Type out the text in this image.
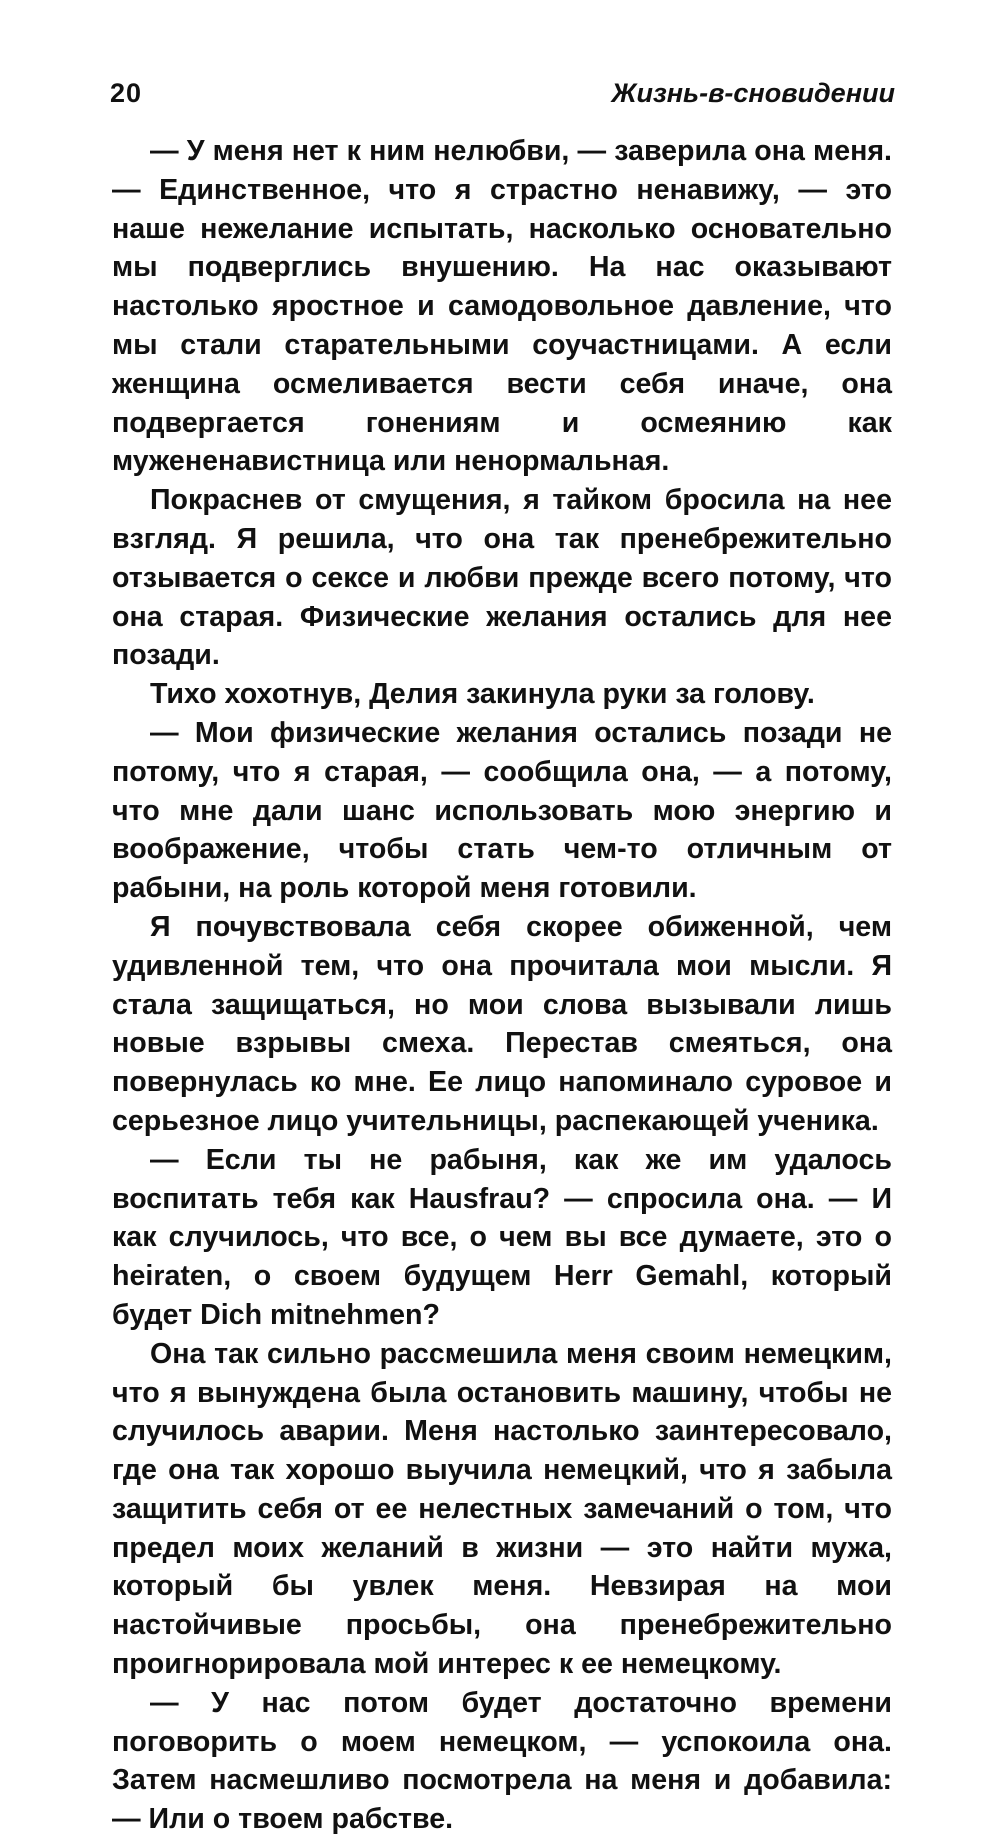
20	Жизнь-в-сновидении

— У меня нет к ним нелюбви, — заверила она меня. — Единственное, что я страстно ненавижу, — это наше нежелание испытать, насколько основательно мы подверглись внушению. На нас оказывают настолько яростное и самодовольное давление, что мы стали старательными соучастницами. А если женщина осмеливается вести себя иначе, она подвергается гонениям и осмеянию как мужененавистница или ненормальная.

Покраснев от смущения, я тайком бросила на нее взгляд. Я решила, что она так пренебрежительно отзывается о сексе и любви прежде всего потому, что она старая. Физические желания остались для нее позади.

Тихо хохотнув, Делия закинула руки за голову.

— Мои физические желания остались позади не потому, что я старая, — сообщила она, — а потому, что мне дали шанс использовать мою энергию и воображение, чтобы стать чем-то отличным от рабыни, на роль которой меня готовили.

Я почувствовала себя скорее обиженной, чем удивленной тем, что она прочитала мои мысли. Я стала защищаться, но мои слова вызывали лишь новые взрывы смеха. Перестав смеяться, она повернулась ко мне. Ее лицо напоминало суровое и серьезное лицо учительницы, распекающей ученика.

— Если ты не рабыня, как же им удалось воспитать тебя как Hausfrau? — спросила она. — И как случилось, что все, о чем вы все думаете, это о heiraten, о своем будущем Herr Gemahl, который будет Dich mitnehmen?

Она так сильно рассмешила меня своим немецким, что я вынуждена была остановить машину, чтобы не случилось аварии. Меня настолько заинтересовало, где она так хорошо выучила немецкий, что я забыла защитить себя от ее нелестных замечаний о том, что предел моих желаний в жизни — это найти мужа, который бы увлек меня. Невзирая на мои настойчивые просьбы, она пренебрежительно проигнорировала мой интерес к ее немецкому.

— У нас потом будет достаточно времени поговорить о моем немецком, — успокоила она. Затем насмешливо посмотрела на меня и добавила: — Или о твоем рабстве.
